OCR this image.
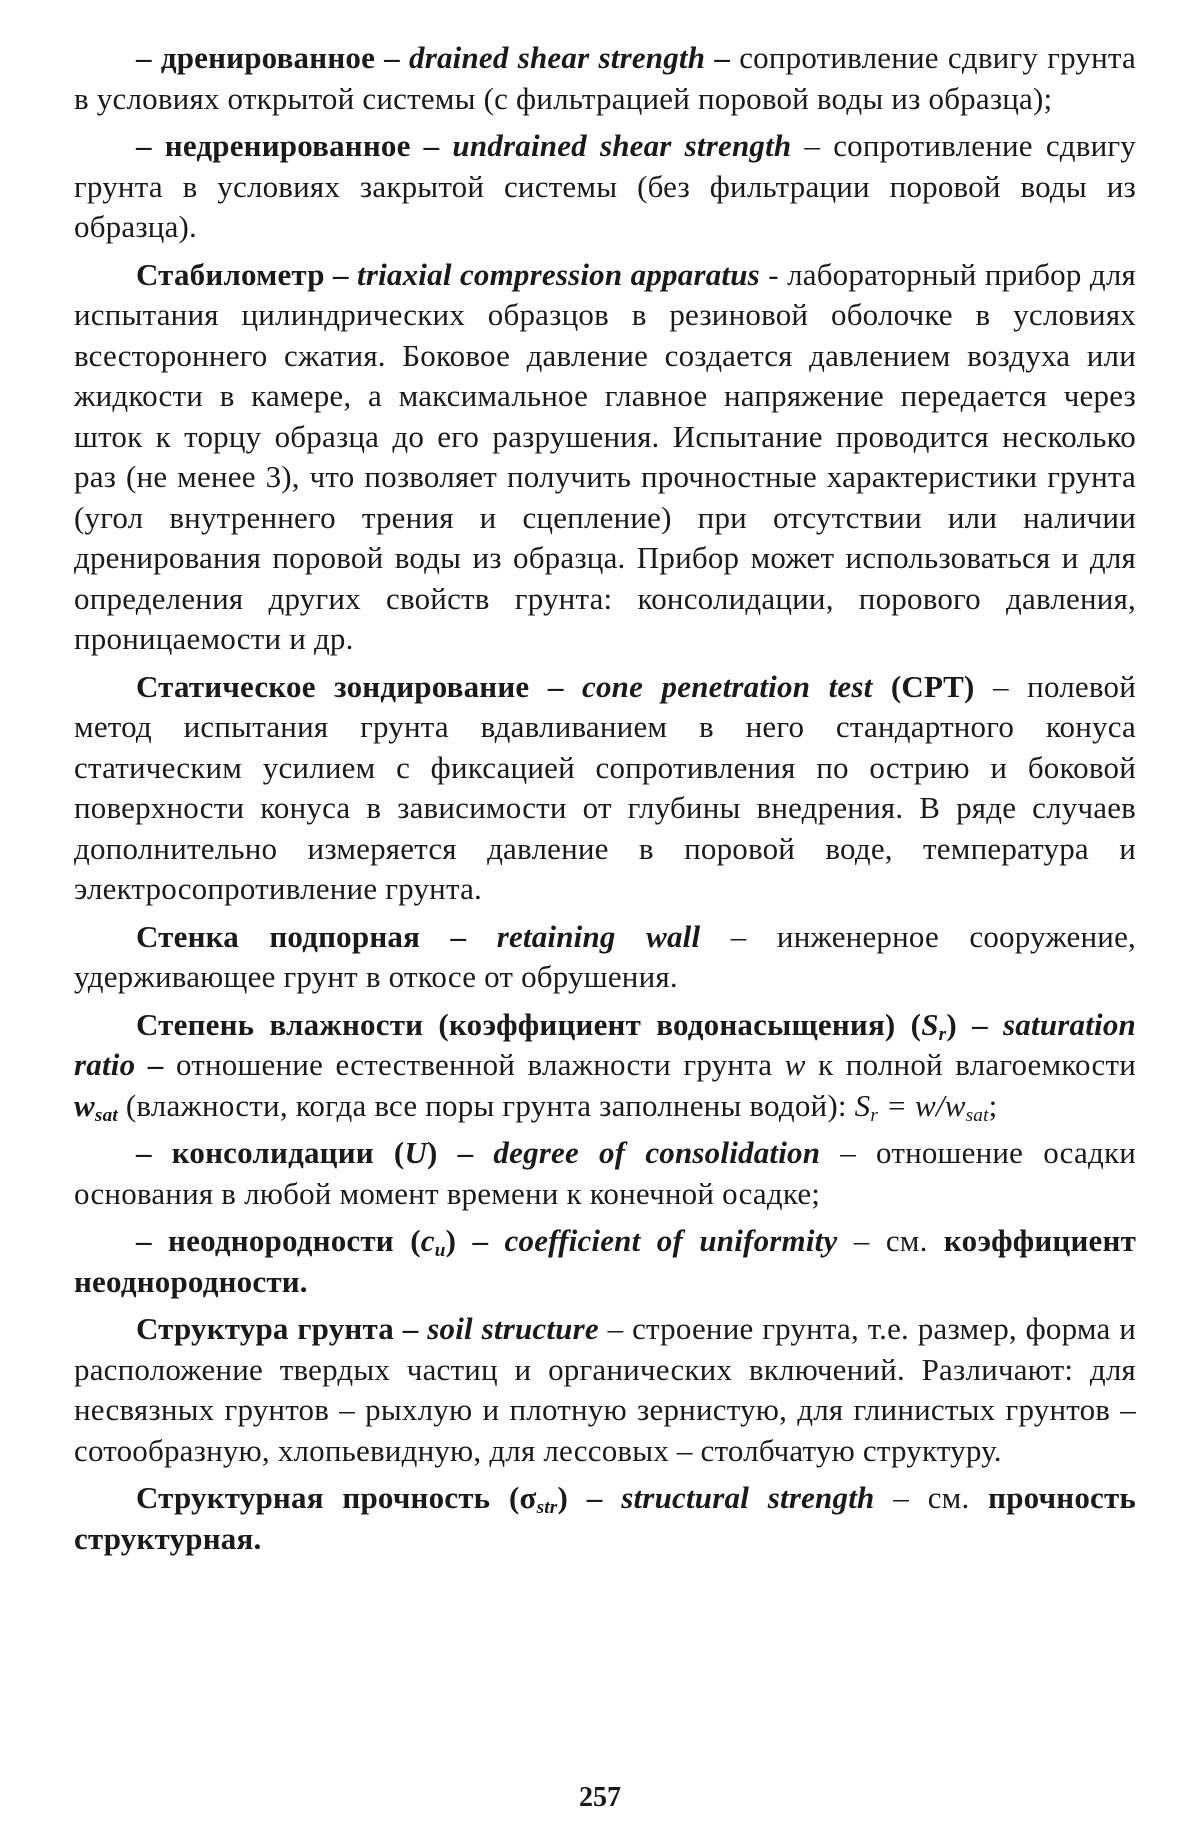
– дренированное – drained shear strength – сопротивление сдвигу грунта в условиях открытой системы (с фильтрацией поровой воды из образца);

– недренированное – undrained shear strength – сопротивление сдвигу грунта в условиях закрытой системы (без фильтрации поровой воды из образца).

Стабилометр – triaxial compression apparatus - лабораторный прибор для испытания цилиндрических образцов в резиновой оболочке в условиях всестороннего сжатия. Боковое давление создается давлением воздуха или жидкости в камере, а максимальное главное напряжение передается через шток к торцу образца до его разрушения. Испытание проводится несколько раз (не менее 3), что позволяет получить прочностные характеристики грунта (угол внутреннего трения и сцепление) при отсутствии или наличии дренирования поровой воды из образца. Прибор может использоваться и для определения других свойств грунта: консолидации, порового давления, проницаемости и др.

Статическое зондирование – cone penetration test (CPT) – полевой метод испытания грунта вдавливанием в него стандартного конуса статическим усилием с фиксацией сопротивления по острию и боковой поверхности конуса в зависимости от глубины внедрения. В ряде случаев дополнительно измеряется давление в поровой воде, температура и электросопротивление грунта.

Стенка подпорная – retaining wall – инженерное сооружение, удерживающее грунт в откосе от обрушения.

Степень влажности (коэффициент водонасыщения) $(S_r)$ – saturation ratio – отношение естественной влажности грунта w к полной влагоемкости $w_{sat}$ (влажности, когда все поры грунта заполнены водой): $S_r = w/w_{sat}$;

– консолидации (U) – degree of consolidation – отношение осадки основания в любой момент времени к конечной осадке;

– неоднородности $(c_u)$ – coefficient of uniformity – см. коэффициент неоднородности.

Структура грунта – soil structure – строение грунта, т.е. размер, форма и расположение твердых частиц и органических включений. Различают: для несвязных грунтов – рыхлую и плотную зернистую, для глинистых грунтов – сотообразную, хлопьевидную, для лессовых – столбчатую структуру.

Структурная прочность $(\sigma_{str})$ – structural strength – см. прочность структурная.

257
